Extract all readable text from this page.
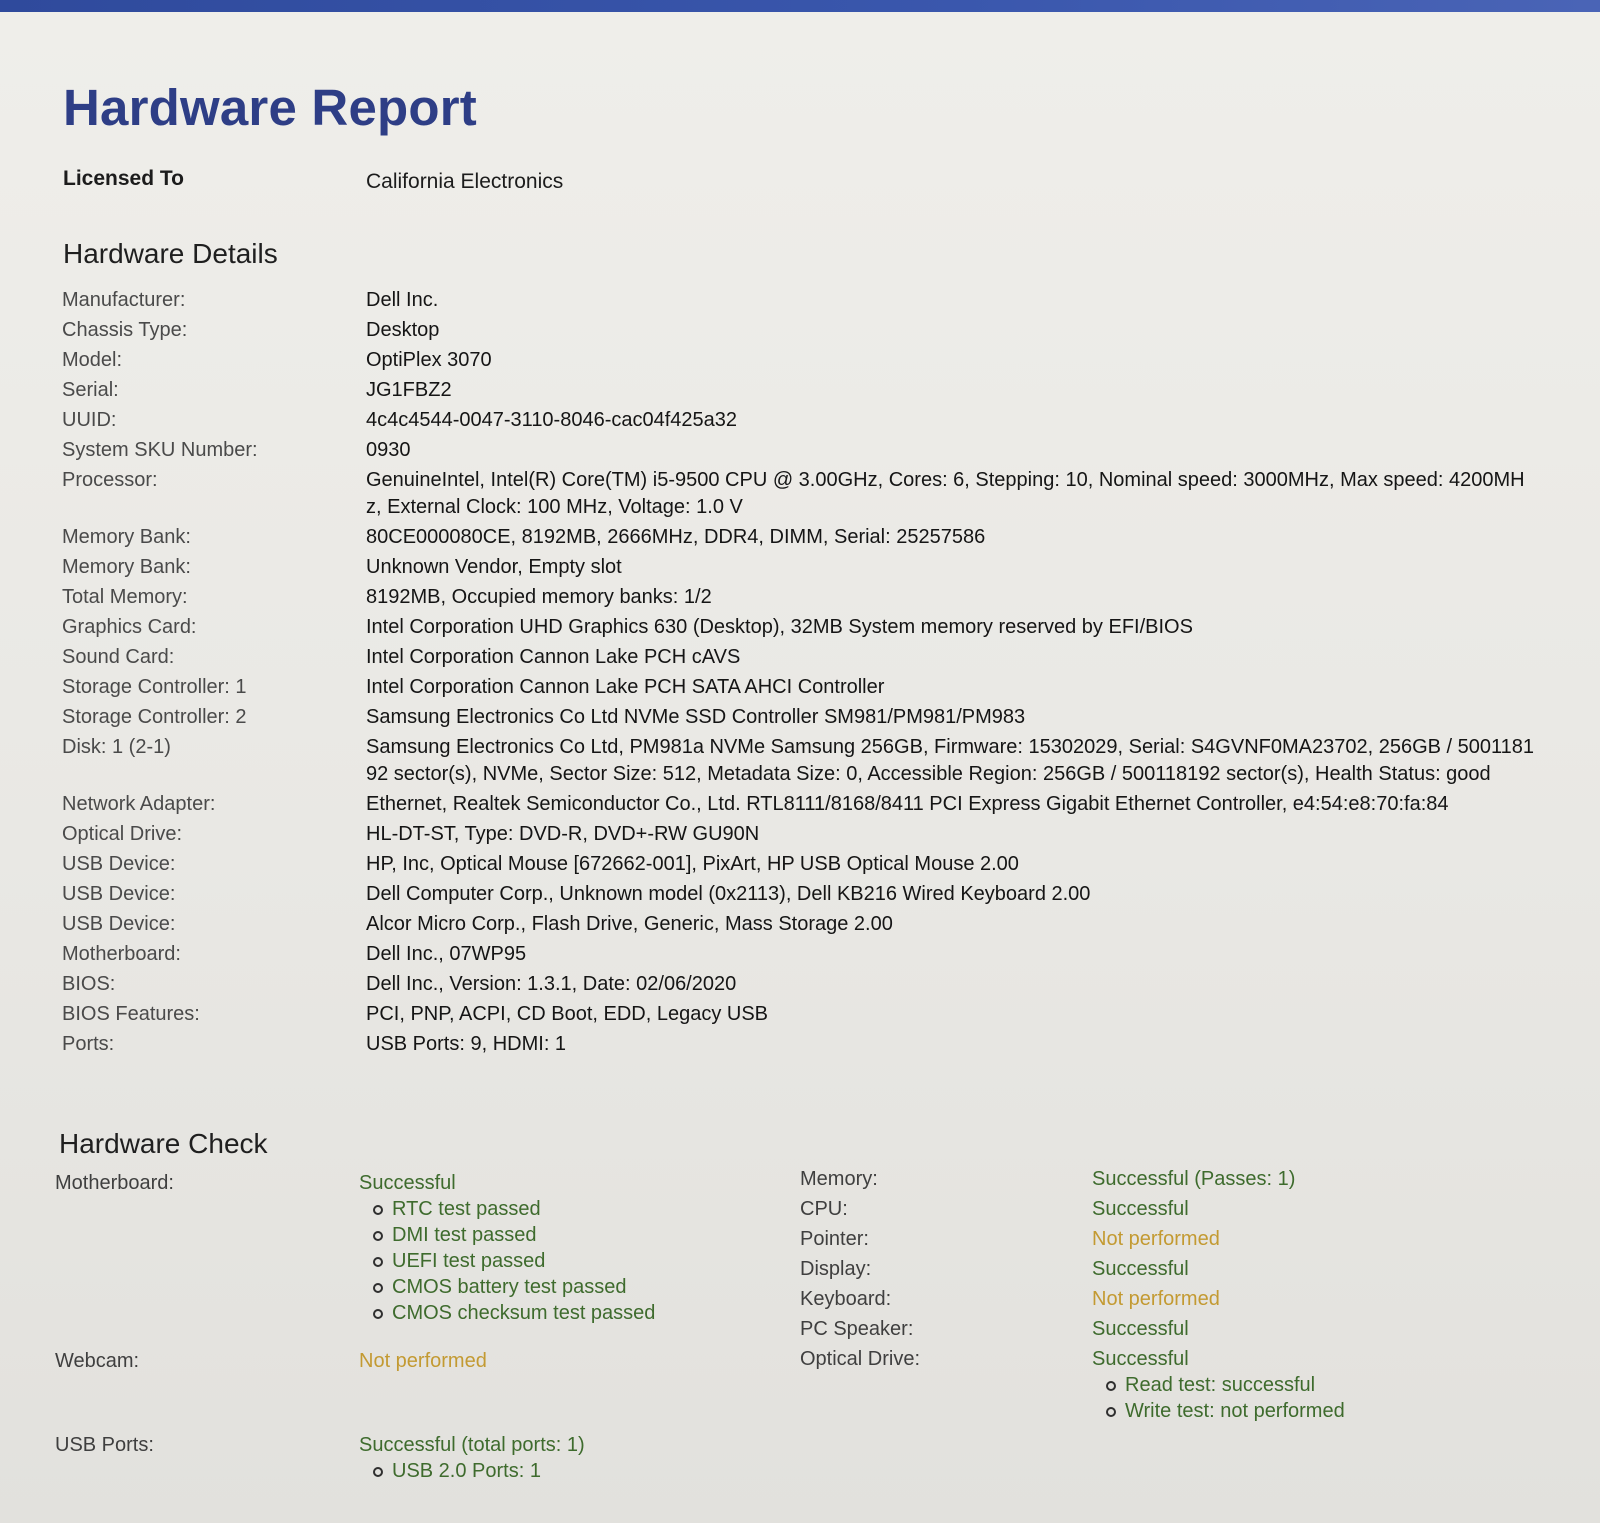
Hardware Report
Licensed To	California Electronics
Hardware Details
Manufacturer:	Dell Inc.
Chassis Type:	Desktop
Model:	OptiPlex 3070
Serial:	JG1FBZ2
UUID:	4c4c4544-0047-3110-8046-cac04f425a32
System SKU Number:	0930
Processor:	GenuineIntel, Intel(R) Core(TM) i5-9500 CPU @ 3.00GHz, Cores: 6, Stepping: 10, Nominal speed: 3000MHz, Max speed: 4200MHz, External Clock: 100 MHz, Voltage: 1.0 V
Memory Bank:	80CE000080CE, 8192MB, 2666MHz, DDR4, DIMM, Serial: 25257586
Memory Bank:	Unknown Vendor, Empty slot
Total Memory:	8192MB, Occupied memory banks: 1/2
Graphics Card:	Intel Corporation UHD Graphics 630 (Desktop), 32MB System memory reserved by EFI/BIOS
Sound Card:	Intel Corporation Cannon Lake PCH cAVS
Storage Controller: 1	Intel Corporation Cannon Lake PCH SATA AHCI Controller
Storage Controller: 2	Samsung Electronics Co Ltd NVMe SSD Controller SM981/PM981/PM983
Disk: 1 (2-1)	Samsung Electronics Co Ltd, PM981a NVMe Samsung 256GB, Firmware: 15302029, Serial: S4GVNF0MA23702, 256GB / 500118192 sector(s), NVMe, Sector Size: 512, Metadata Size: 0, Accessible Region: 256GB / 500118192 sector(s), Health Status: good
Network Adapter:	Ethernet, Realtek Semiconductor Co., Ltd. RTL8111/8168/8411 PCI Express Gigabit Ethernet Controller, e4:54:e8:70:fa:84
Optical Drive:	HL-DT-ST, Type: DVD-R, DVD+-RW GU90N
USB Device:	HP, Inc, Optical Mouse [672662-001], PixArt, HP USB Optical Mouse 2.00
USB Device:	Dell Computer Corp., Unknown model (0x2113), Dell KB216 Wired Keyboard 2.00
USB Device:	Alcor Micro Corp., Flash Drive, Generic, Mass Storage 2.00
Motherboard:	Dell Inc., 07WP95
BIOS:	Dell Inc., Version: 1.3.1, Date: 02/06/2020
BIOS Features:	PCI, PNP, ACPI, CD Boot, EDD, Legacy USB
Ports:	USB Ports: 9, HDMI: 1
Hardware Check
Motherboard:	Successful
RTC test passed
DMI test passed
UEFI test passed
CMOS battery test passed
CMOS checksum test passed
Webcam:	Not performed
USB Ports:	Successful (total ports: 1)
USB 2.0 Ports: 1
Memory:	Successful (Passes: 1)
CPU:	Successful
Pointer:	Not performed
Display:	Successful
Keyboard:	Not performed
PC Speaker:	Successful
Optical Drive:	Successful
Read test: successful
Write test: not performed
